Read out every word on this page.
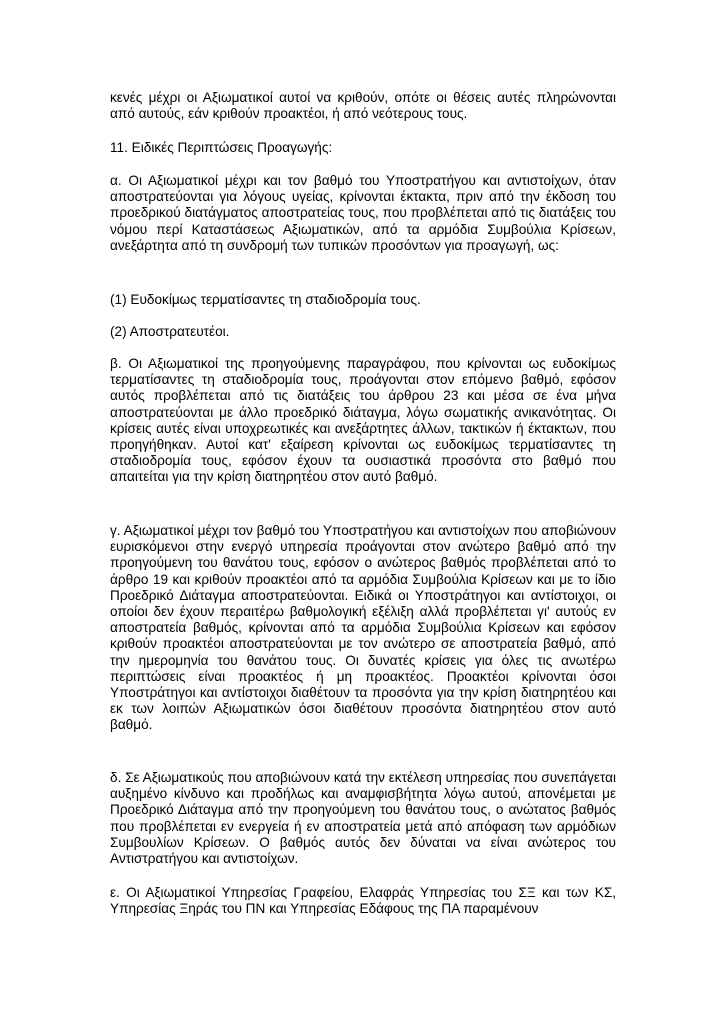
κενές μέχρι οι Αξιωματικοί αυτοί να κριθούν, οπότε οι θέσεις αυτές πληρώνονται από αυτούς, εάν κριθούν προακτέοι, ή από νεότερους τους.

11. Ειδικές Περιπτώσεις Προαγωγής:

α. Οι Αξιωματικοί μέχρι και τον βαθμό του Υποστρατήγου και αντιστοίχων, όταν αποστρατεύονται για λόγους υγείας, κρίνονται έκτακτα, πριν από την έκδοση του προεδρικού διατάγματος αποστρατείας τους, που προβλέπεται από τις διατάξεις του νόμου περί Καταστάσεως Αξιωματικών, από τα αρμόδια Συμβούλια Κρίσεων, ανεξάρτητα από τη συνδρομή των τυπικών προσόντων για προαγωγή, ως:

(1) Ευδοκίμως τερματίσαντες τη σταδιοδρομία τους.

(2) Αποστρατευτέοι.

β. Οι Αξιωματικοί της προηγούμενης παραγράφου, που κρίνονται ως ευδοκίμως τερματίσαντες τη σταδιοδρομία τους, προάγονται στον επόμενο βαθμό, εφόσον αυτός προβλέπεται από τις διατάξεις του άρθρου 23 και μέσα σε ένα μήνα αποστρατεύονται με άλλο προεδρικό διάταγμα, λόγω σωματικής ανικανότητας. Οι κρίσεις αυτές είναι υποχρεωτικές και ανεξάρτητες άλλων, τακτικών ή έκτακτων, που προηγήθηκαν. Αυτοί κατ' εξαίρεση κρίνονται ως ευδοκίμως τερματίσαντες τη σταδιοδρομία τους, εφόσον έχουν τα ουσιαστικά προσόντα στο βαθμό που απαιτείται για την κρίση διατηρητέου στον αυτό βαθμό.

γ. Αξιωματικοί μέχρι τον βαθμό του Υποστρατήγου και αντιστοίχων που αποβιώνουν ευρισκόμενοι στην ενεργό υπηρεσία προάγονται στον ανώτερο βαθμό από την προηγούμενη του θανάτου τους, εφόσον ο ανώτερος βαθμός προβλέπεται από το άρθρο 19 και κριθούν προακτέοι από τα αρμόδια Συμβούλια Κρίσεων και με το ίδιο Προεδρικό Διάταγμα αποστρατεύονται. Ειδικά οι Υποστράτηγοι και αντίστοιχοι, οι οποίοι δεν έχουν περαιτέρω βαθμολογική εξέλιξη αλλά προβλέπεται γι' αυτούς εν αποστρατεία βαθμός, κρίνονται από τα αρμόδια Συμβούλια Κρίσεων και εφόσον κριθούν προακτέοι αποστρατεύονται με τον ανώτερο σε αποστρατεία βαθμό, από την ημερομηνία του θανάτου τους. Οι δυνατές κρίσεις για όλες τις ανωτέρω περιπτώσεις είναι προακτέος ή μη προακτέος. Προακτέοι κρίνονται όσοι Υποστράτηγοι και αντίστοιχοι διαθέτουν τα προσόντα για την κρίση διατηρητέου και εκ των λοιπών Αξιωματικών όσοι διαθέτουν προσόντα διατηρητέου στον αυτό βαθμό.

δ. Σε Αξιωματικούς που αποβιώνουν κατά την εκτέλεση υπηρεσίας που συνεπάγεται αυξημένο κίνδυνο και προδήλως και αναμφισβήτητα λόγω αυτού, απονέμεται με Προεδρικό Διάταγμα από την προηγούμενη του θανάτου τους, ο ανώτατος βαθμός που προβλέπεται εν ενεργεία ή εν αποστρατεία μετά από απόφαση των αρμόδιων Συμβουλίων Κρίσεων. Ο βαθμός αυτός δεν δύναται να είναι ανώτερος του Αντιστρατήγου και αντιστοίχων.

ε. Οι Αξιωματικοί Υπηρεσίας Γραφείου, Ελαφράς Υπηρεσίας του ΣΞ και των ΚΣ, Υπηρεσίας Ξηράς του ΠΝ και Υπηρεσίας Εδάφους της ΠΑ παραμένουν
